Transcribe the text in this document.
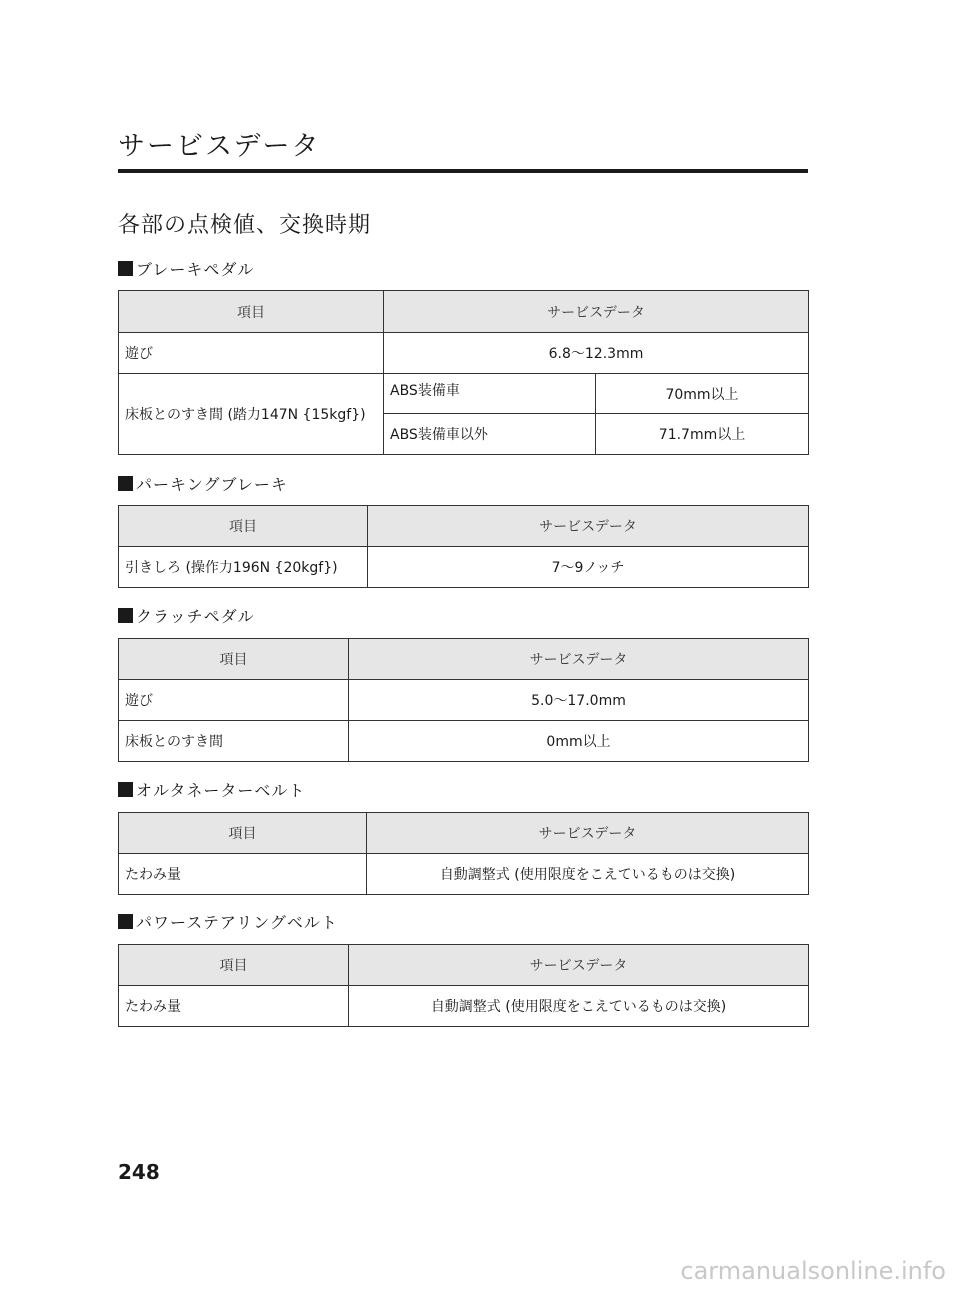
サービスデータ
各部の点検値、交換時期
ブレーキペダル
項目	サービスデータ	
遊び	6.8～12.3mm	
床板とのすき間 (踏力147N {15kgf})	ABS装備車	70mm以上
	ABS装備車以外	71.7mm以上
パーキングブレーキ
項目	サービスデータ
引きしろ (操作力196N {20kgf})	7～9ノッチ
クラッチペダル
項目	サービスデータ
遊び	5.0～17.0mm
床板とのすき間	0mm以上
オルタネーターベルト
項目	サービスデータ
たわみ量	自動調整式 (使用限度をこえているものは交換)
パワーステアリングベルト
項目	サービスデータ
たわみ量	自動調整式 (使用限度をこえているものは交換)
248
carmanualsonline.info
